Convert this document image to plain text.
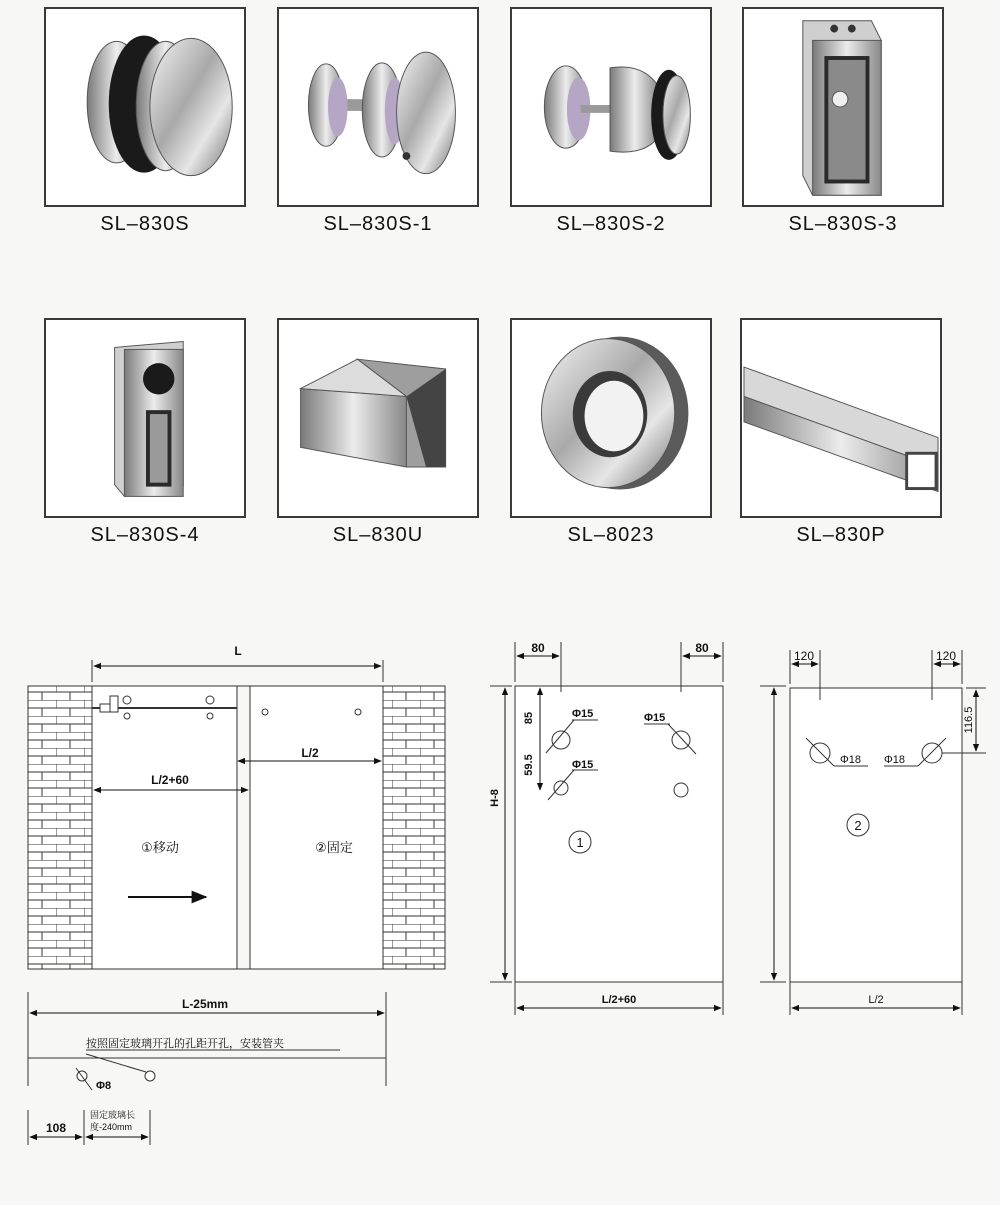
SL–830S	SL–830S-1	SL–830S-2	SL–830S-3
SL–830S-4	SL–830U	SL–8023	SL–830P
L
L/2
L/2+60
①移动	②固定
L-25mm
按照固定玻璃开孔的孔距开孔，安装管夹
Φ8
108
固定玻璃长
度-240mm
80	80
85
59.5
Φ15
Φ15
Φ15
1
H-8
L/2+60
120	120
116.5
Φ18 Φ18
2
L/2
